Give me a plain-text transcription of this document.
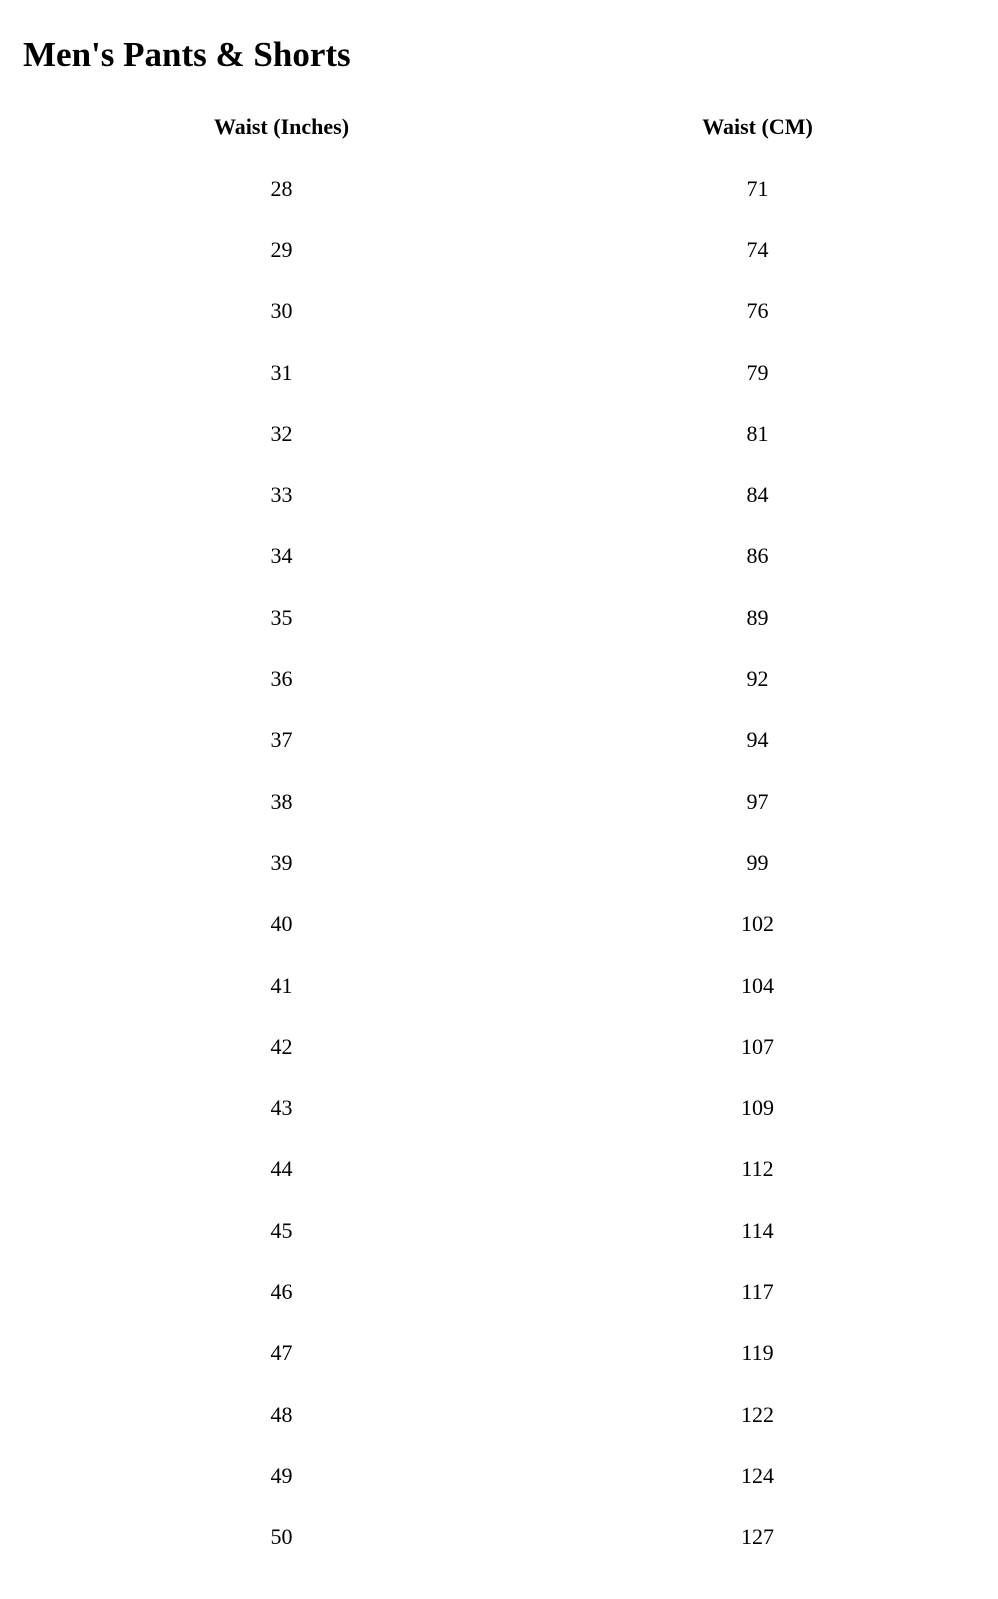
Men's Pants & Shorts
Waist (Inches)	Waist (CM)
28	71
29	74
30	76
31	79
32	81
33	84
34	86
35	89
36	92
37	94
38	97
39	99
40	102
41	104
42	107
43	109
44	112
45	114
46	117
47	119
48	122
49	124
50	127
